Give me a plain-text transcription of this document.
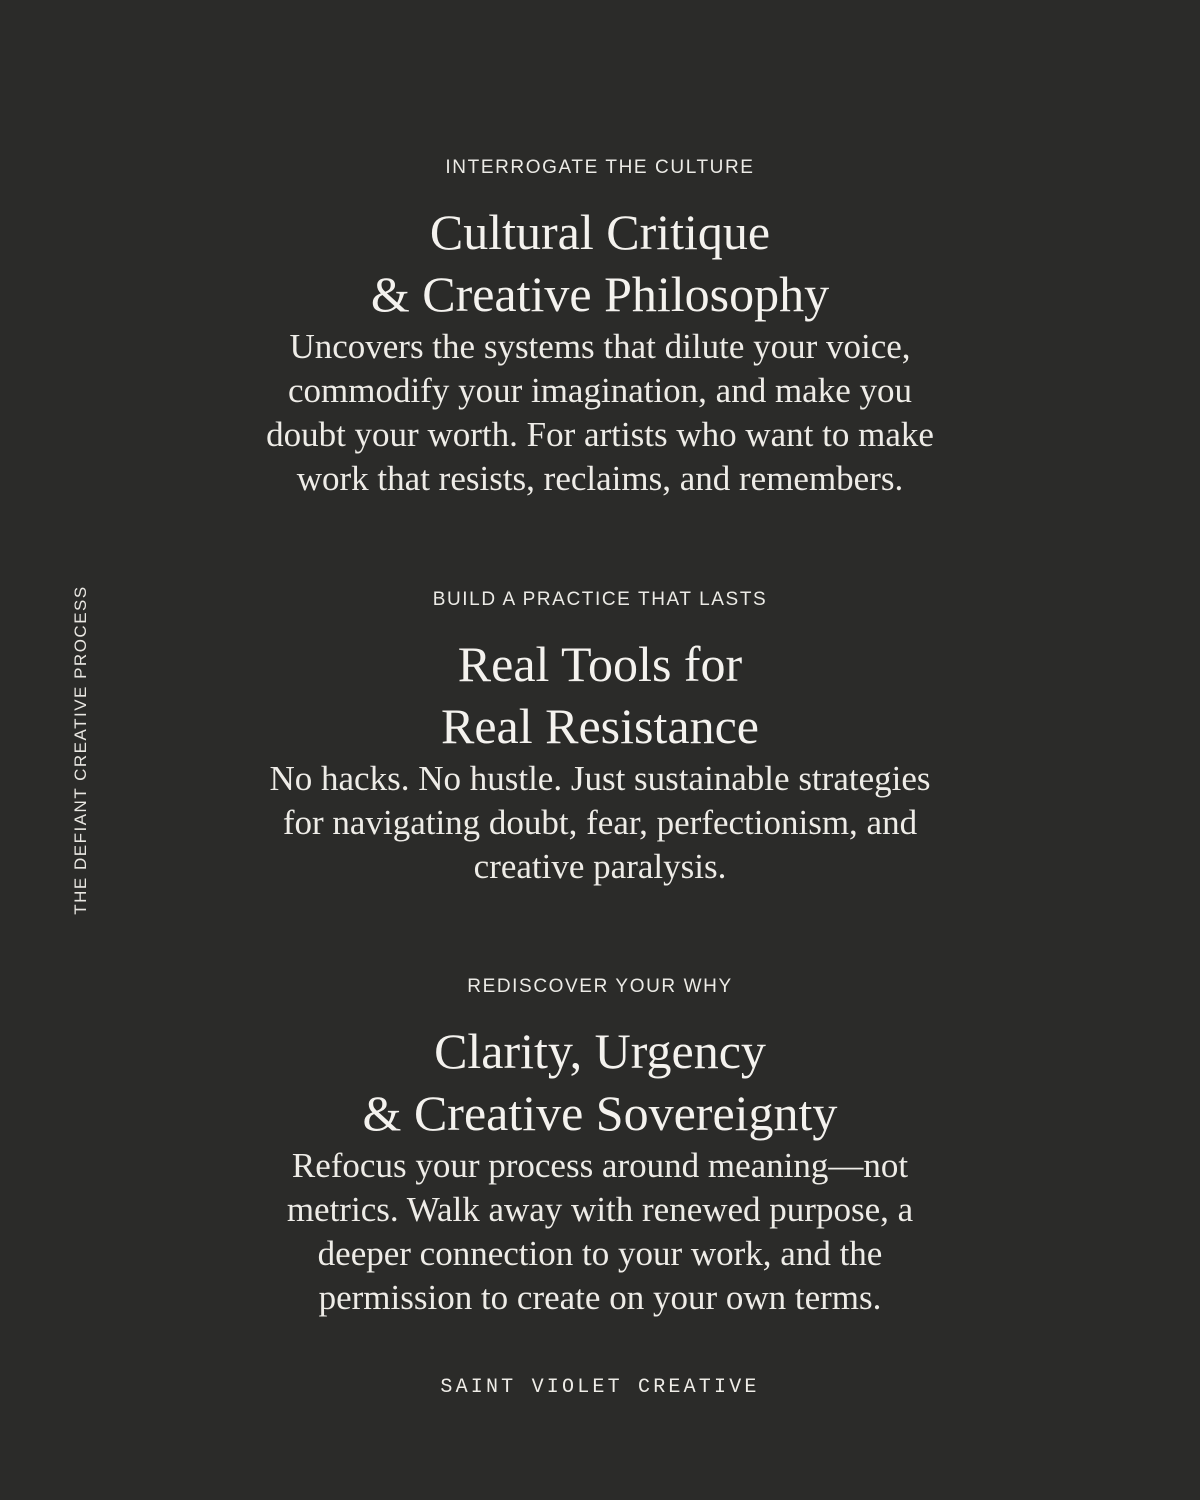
THE DEFIANT CREATIVE PROCESS

INTERROGATE THE CULTURE

Cultural Critique
& Creative Philosophy

Uncovers the systems that dilute your voice,
commodify your imagination, and make you
doubt your worth. For artists who want to make
work that resists, reclaims, and remembers.

BUILD A PRACTICE THAT LASTS

Real Tools for
Real Resistance

No hacks. No hustle. Just sustainable strategies
for navigating doubt, fear, perfectionism, and
creative paralysis.

REDISCOVER YOUR WHY

Clarity, Urgency
& Creative Sovereignty

Refocus your process around meaning—not
metrics. Walk away with renewed purpose, a
deeper connection to your work, and the
permission to create on your own terms.

SAINT VIOLET CREATIVE
